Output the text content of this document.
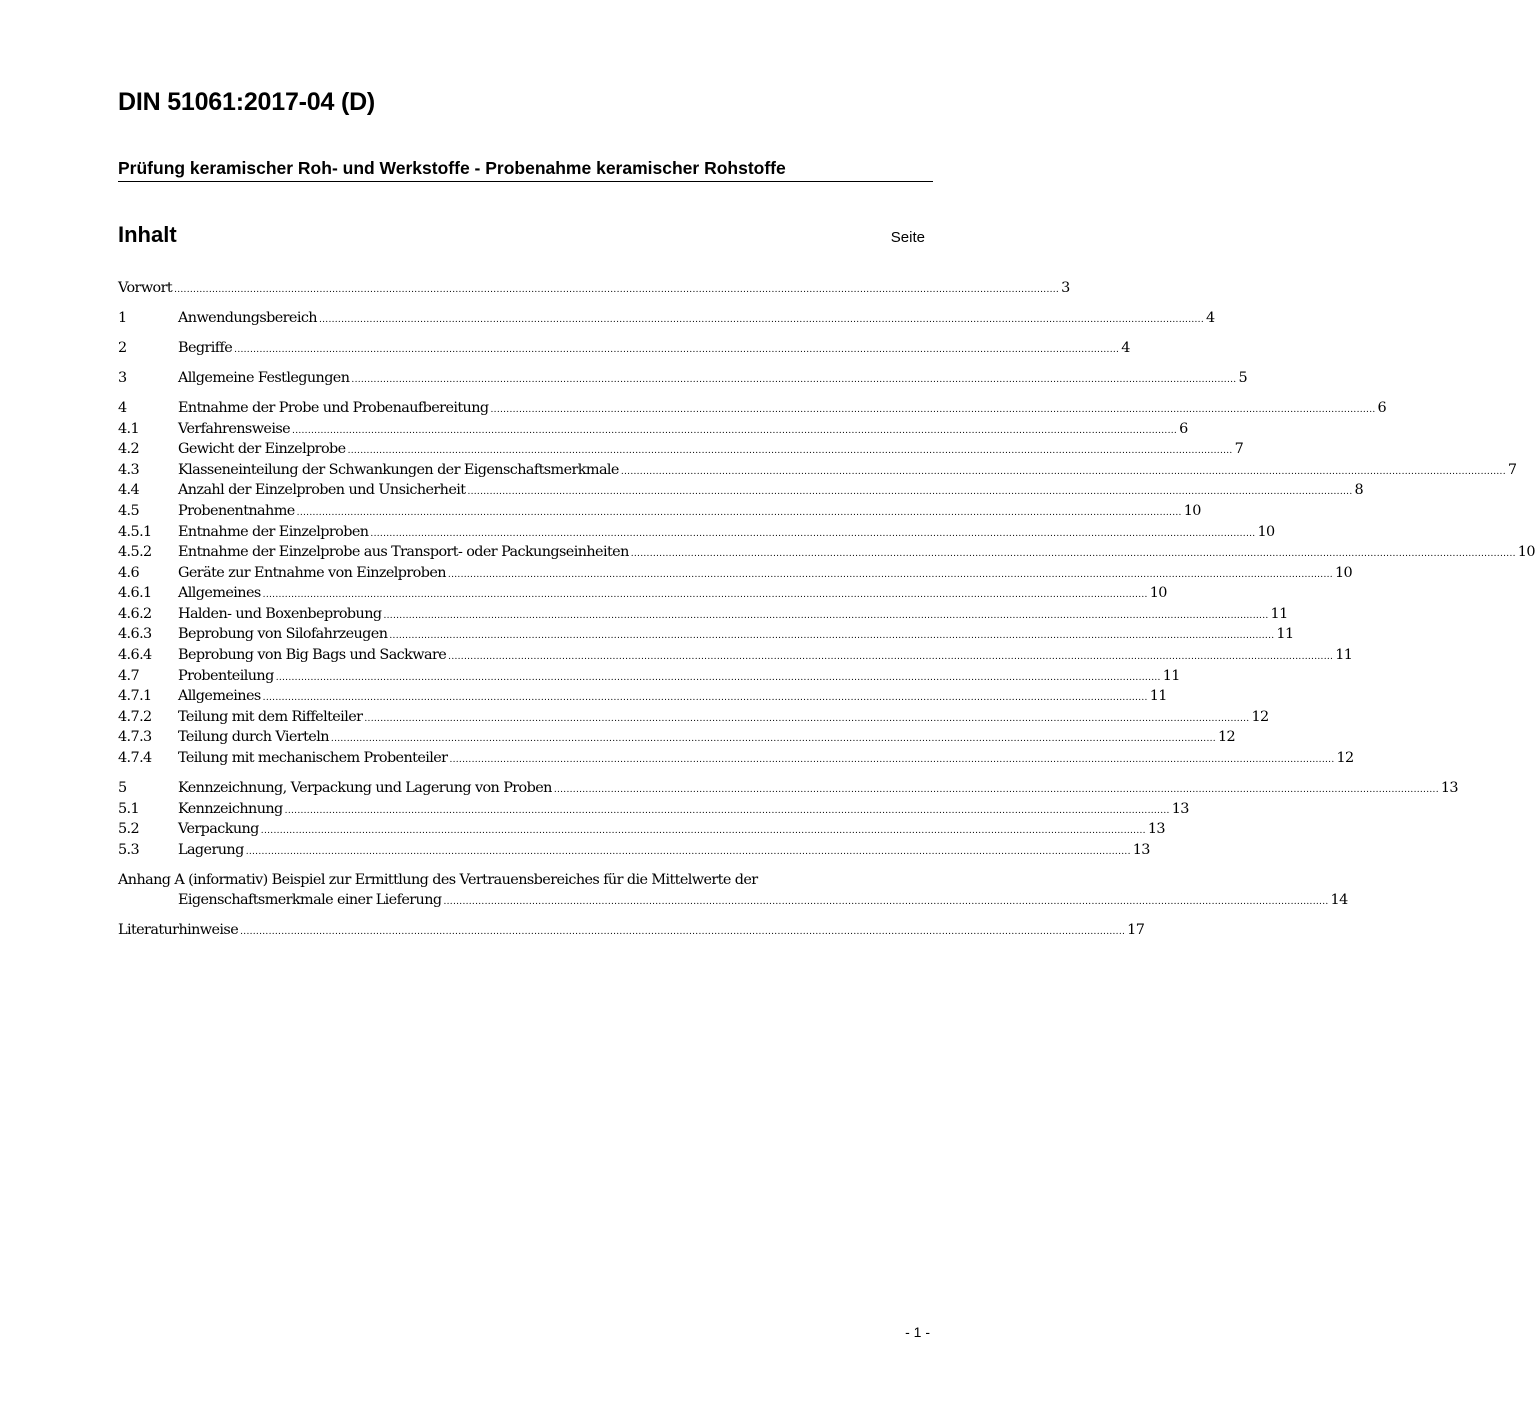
DIN 51061:2017-04 (D)
Prüfung keramischer Roh- und Werkstoffe - Probenahme keramischer Rohstoffe
Inhalt	Seite
Vorwort .....	3
1	Anwendungsbereich .....	4
2	Begriffe .....	4
3	Allgemeine Festlegungen .....	5
4	Entnahme der Probe und Probenaufbereitung .....	6
4.1	Verfahrensweise .....	6
4.2	Gewicht der Einzelprobe .....	7
4.3	Klasseneinteilung der Schwankungen der Eigenschaftsmerkmale .....	7
4.4	Anzahl der Einzelproben und Unsicherheit .....	8
4.5	Probenentnahme .....	10
4.5.1	Entnahme der Einzelproben .....	10
4.5.2	Entnahme der Einzelprobe aus Transport- oder Packungseinheiten .....	10
4.6	Geräte zur Entnahme von Einzelproben .....	10
4.6.1	Allgemeines .....	10
4.6.2	Halden- und Boxenbeprobung .....	11
4.6.3	Beprobung von Silofahrzeugen .....	11
4.6.4	Beprobung von Big Bags und Sackware .....	11
4.7	Probenteilung .....	11
4.7.1	Allgemeines .....	11
4.7.2	Teilung mit dem Riffelteiler .....	12
4.7.3	Teilung durch Vierteln .....	12
4.7.4	Teilung mit mechanischem Probenteiler .....	12
5	Kennzeichnung, Verpackung und Lagerung von Proben .....	13
5.1	Kennzeichnung .....	13
5.2	Verpackung .....	13
5.3	Lagerung .....	13
Anhang A (informativ) Beispiel zur Ermittlung des Vertrauensbereiches für die Mittelwerte der
Eigenschaftsmerkmale einer Lieferung .....	14
Literaturhinweise .....	17
- 1 -
